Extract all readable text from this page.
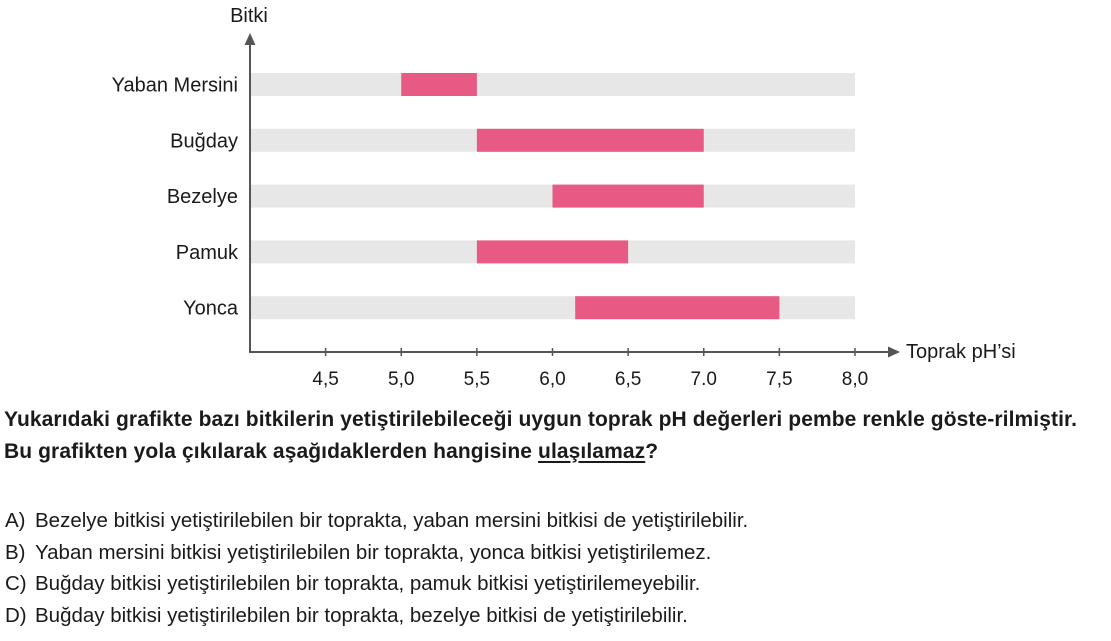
4,5	5,0	5,5	6,0	6,5	7.0	7,5	8,0
Yaban Mersini
Buğday
Bezelye
Pamuk
Yonca
Bitki
Toprak pH’si
Yukarıdaki grafikte bazı bitkilerin yetiştirilebileceği uygun toprak pH değerleri pembe renkle göste-rilmiştir. Bu grafikten yola çıkılarak aşağıdaklerden hangisine ulaşılamaz?
A) Bezelye bitkisi yetiştirilebilen bir toprakta, yaban mersini bitkisi de yetiştirilebilir.
B) Yaban mersini bitkisi yetiştirilebilen bir toprakta, yonca bitkisi yetiştirilemez.
C) Buğday bitkisi yetiştirilebilen bir toprakta, pamuk bitkisi yetiştirilemeyebilir.
D) Buğday bitkisi yetiştirilebilen bir toprakta, bezelye bitkisi de yetiştirilebilir.
